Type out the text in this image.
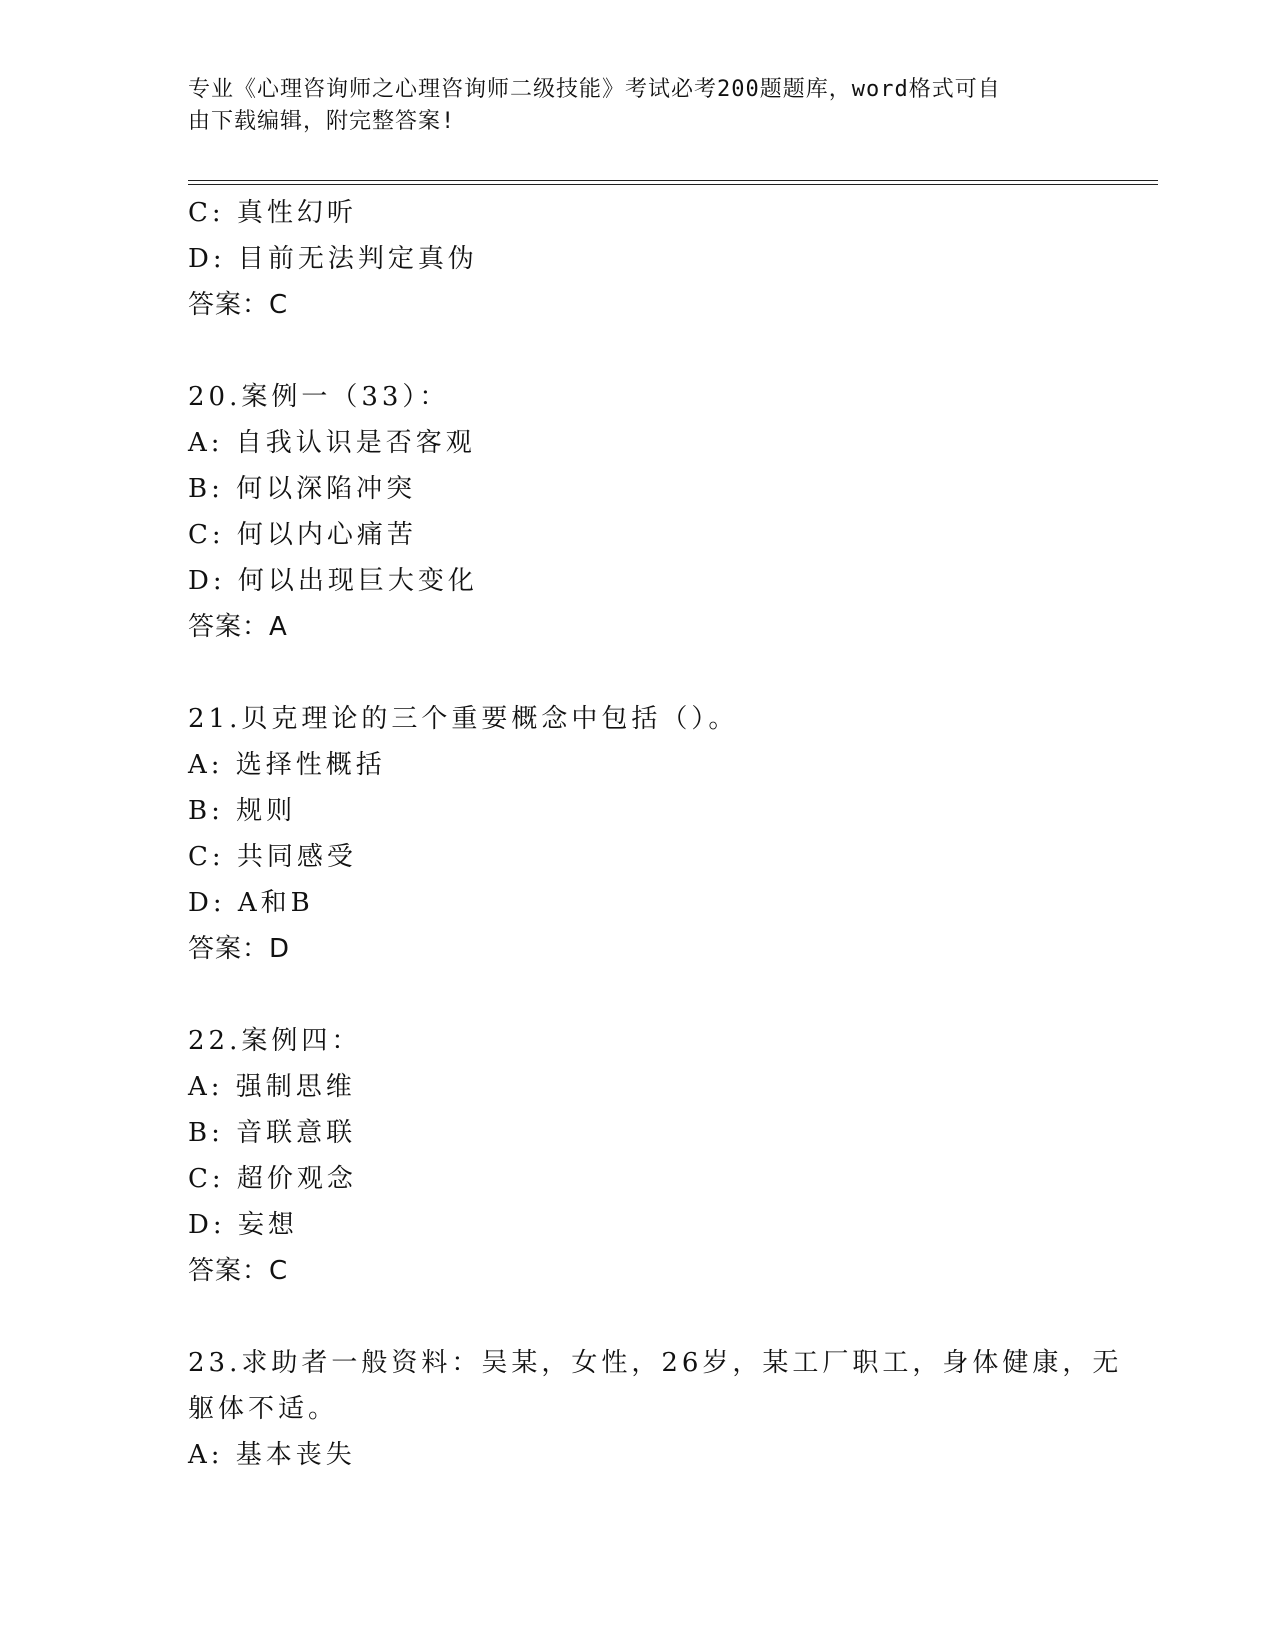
专业《心理咨询师之心理咨询师二级技能》考试必考200题题库，word格式可自
由下载编辑，附完整答案!
C: 真性幻听
D: 目前无法判定真伪
答案：C
20.案例一（33）：
A: 自我认识是否客观
B: 何以深陷冲突
C: 何以内心痛苦
D: 何以出现巨大变化
答案：A
21.贝克理论的三个重要概念中包括（）。
A: 选择性概括
B: 规则
C: 共同感受
D: A和B
答案：D
22.案例四：
A: 强制思维
B: 音联意联
C: 超价观念
D: 妄想
答案：C
23.求助者一般资料：吴某，女性，26岁，某工厂职工，身体健康，无
躯体不适。
A: 基本丧失
